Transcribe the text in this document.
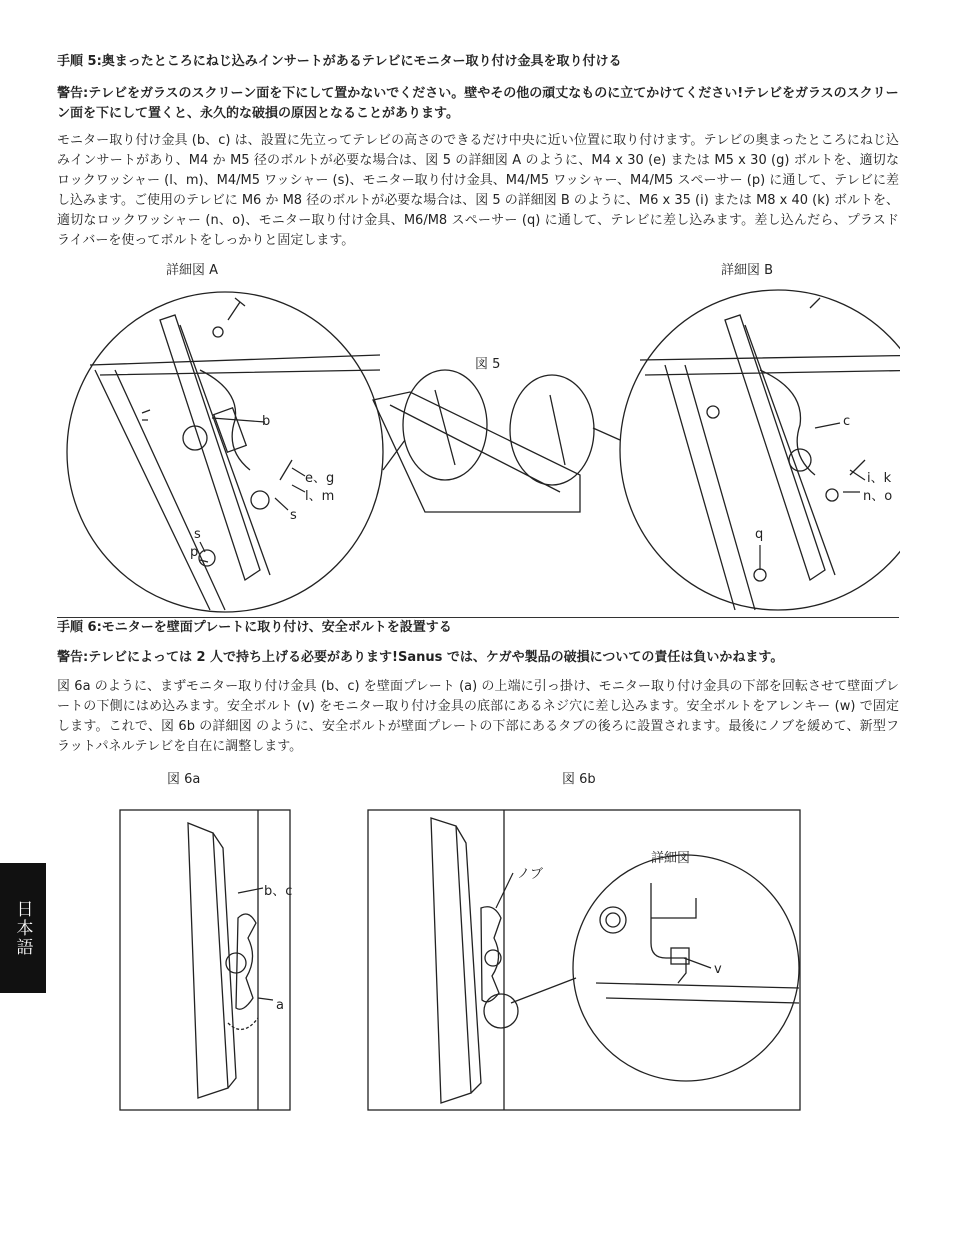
手順 5:奥まったところにねじ込みインサートがあるテレビにモニター取り付け金具を取り付ける

警告:テレビをガラスのスクリーン面を下にして置かないでください。壁やその他の頑丈なものに立てかけてください!テレビをガラスのスクリーン面を下にして置くと、永久的な破損の原因となることがあります。

モニター取り付け金具 (b、c) は、設置に先立ってテレビの高さのできるだけ中央に近い位置に取り付けます。テレビの奥まったところにねじ込みインサートがあり、M4 か M5 径のボルトが必要な場合は、図 5 の詳細図 A のように、M4 x 30 (e) または M5 x 30 (g) ボルトを、適切なロックワッシャー (l、m)、M4/M5 ワッシャー (s)、モニター取り付け金具、M4/M5 ワッシャー、M4/M5 スペーサー (p) に通して、テレビに差し込みます。ご使用のテレビに M6 か M8 径のボルトが必要な場合は、図 5 の詳細図 B のように、M6 x 35 (i) または M8 x 40 (k) ボルトを、適切なロックワッシャー (n、o)、モニター取り付け金具、M6/M8 スペーサー (q) に通して、テレビに差し込みます。差し込んだら、プラスドライバーを使ってボルトをしっかりと固定します。

詳細図 A	詳細図 B
図 5
b
e、g
l、m
s
s
p
c
i、k
n、o
q

手順 6:モニターを壁面プレートに取り付け、安全ボルトを設置する

警告:テレビによっては 2 人で持ち上げる必要があります!Sanus では、ケガや製品の破損についての責任は負いかねます。

図 6a のように、まずモニター取り付け金具 (b、c) を壁面プレート (a) の上端に引っ掛け、モニター取り付け金具の下部を回転させて壁面プレートの下側にはめ込みます。安全ボルト (v) をモニター取り付け金具の底部にあるネジ穴に差し込みます。安全ボルトをアレンキー (w) で固定します。これで、図 6b の詳細図 のように、安全ボルトが壁面プレートの下部にあるタブの後ろに設置されます。最後にノブを緩めて、新型フラットパネルテレビを自在に調整します。

図 6a
b、c
a
図 6b
詳細図
ノブ
v
日本語
